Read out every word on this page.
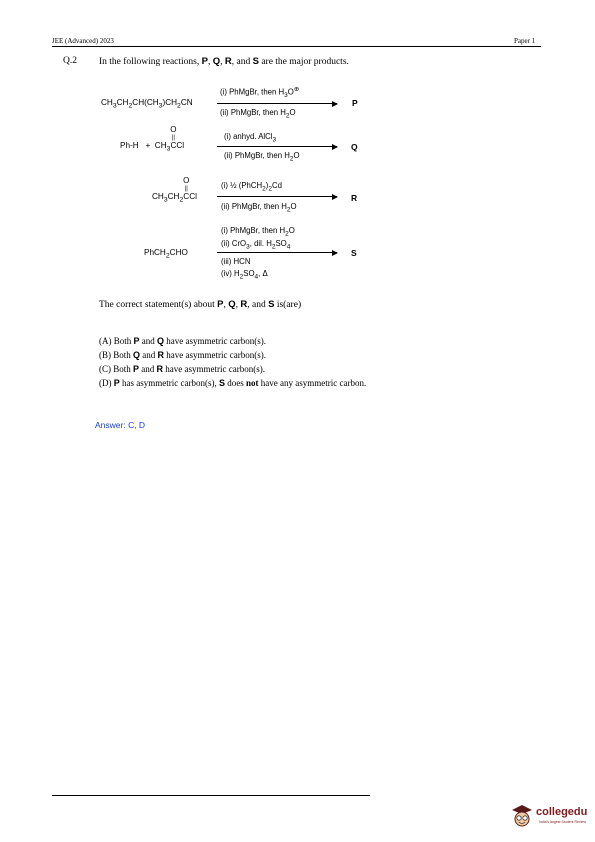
JEE (Advanced) 2023	Paper 1
Q.2 In the following reactions, P, Q, R, and S are the major products.
$CH_3CH_2CH(CH_3)CH_2CN$
(i) PhMgBr, then $H_3O^\oplus$
(ii) PhMgBr, then $H_2O$
P
$Ph-H + CH_3$
O
||
CCl
(i) anhyd. AlCl$_3$
(ii) PhMgBr, then $H_2O$
Q
$CH_3CH_2$
O
||
CCl
(i) ½ $(PhCH_2)_2Cd$
(ii) PhMgBr, then $H_2O$
R
PhCH$_2$CHO
(i) PhMgBr, then $H_2O$
(ii) CrO$_3$, dil. $H_2SO_4$
(iii) HCN
(iv) $H_2SO_4$, Δ
S
The correct statement(s) about P, Q, R, and S is(are)
(A) Both P and Q have asymmetric carbon(s).
(B) Both Q and R have asymmetric carbon(s).
(C) Both P and R have asymmetric carbon(s).
(D) P has asymmetric carbon(s), S does not have any asymmetric carbon.
Answer: C, D
collegedu
India's largest Student Review
